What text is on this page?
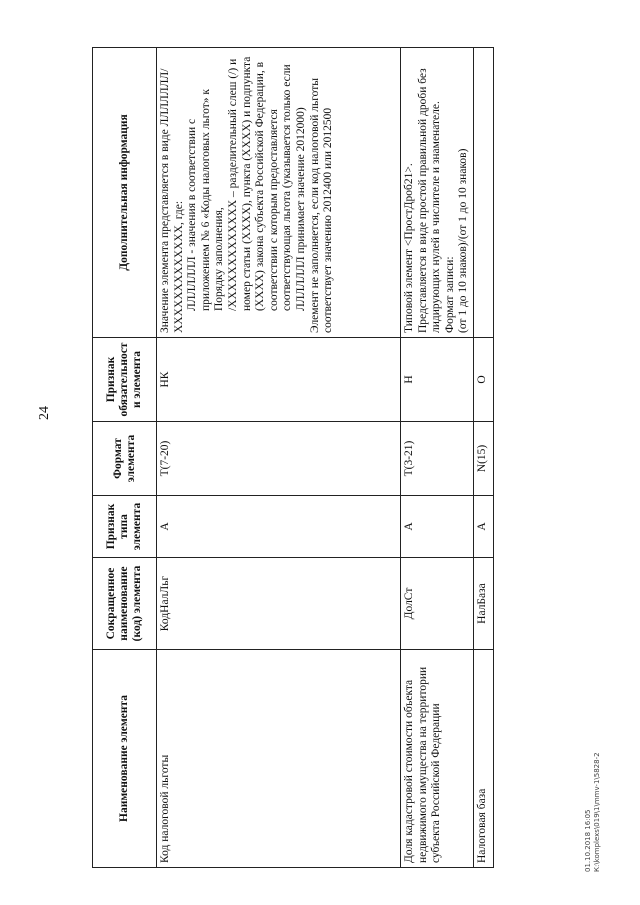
24
Наименование элемента	Сокращенное наименование (код) элемента	Признак типа элемента	Формат элемента	Признак обязательности элемента	Дополнительная информация
Код налоговой льготы	КодНалЛьг	А	T(7-20)	НК	Значение элемента представляется в виде ЛЛЛЛЛЛЛ/ХХХХХХХХХХХХХ, где: ЛЛЛЛЛЛЛ - значения в соответствии с приложением № 6 «Коды налоговых льгот» к Порядку заполнения, /ХХХХХХХХХХХХХ – разделительный слеш (/) и номер статьи (ХХХХ), пункта (ХХХХ) и подпункта (ХХХХ) закона субъекта Российской Федерации, в соответствии с которым предоставляется соответствующая льгота (указывается только если ЛЛЛЛЛЛЛ принимает значение 2012000) Элемент не заполняется, если код налоговой льготы соответствует значению 2012400 или 2012500

Доля кадастровой стоимости объекта недвижимого имущества на территории субъекта Российской Федерации	ДолСт	А	T(3-21)	Н	Типовой элемент <ПростДроб21>. Представляется в виде простой правильной дроби без лидирующих нулей в числителе и знаменателе. Формат записи: (от 1 до 10 знаков)/(от 1 до 10 знаков)

Налоговая база	НалБаза	А	N(15)	О	
01.10.2018 16:05 К:\komplexs\019\1\mmv-1\5828-2
